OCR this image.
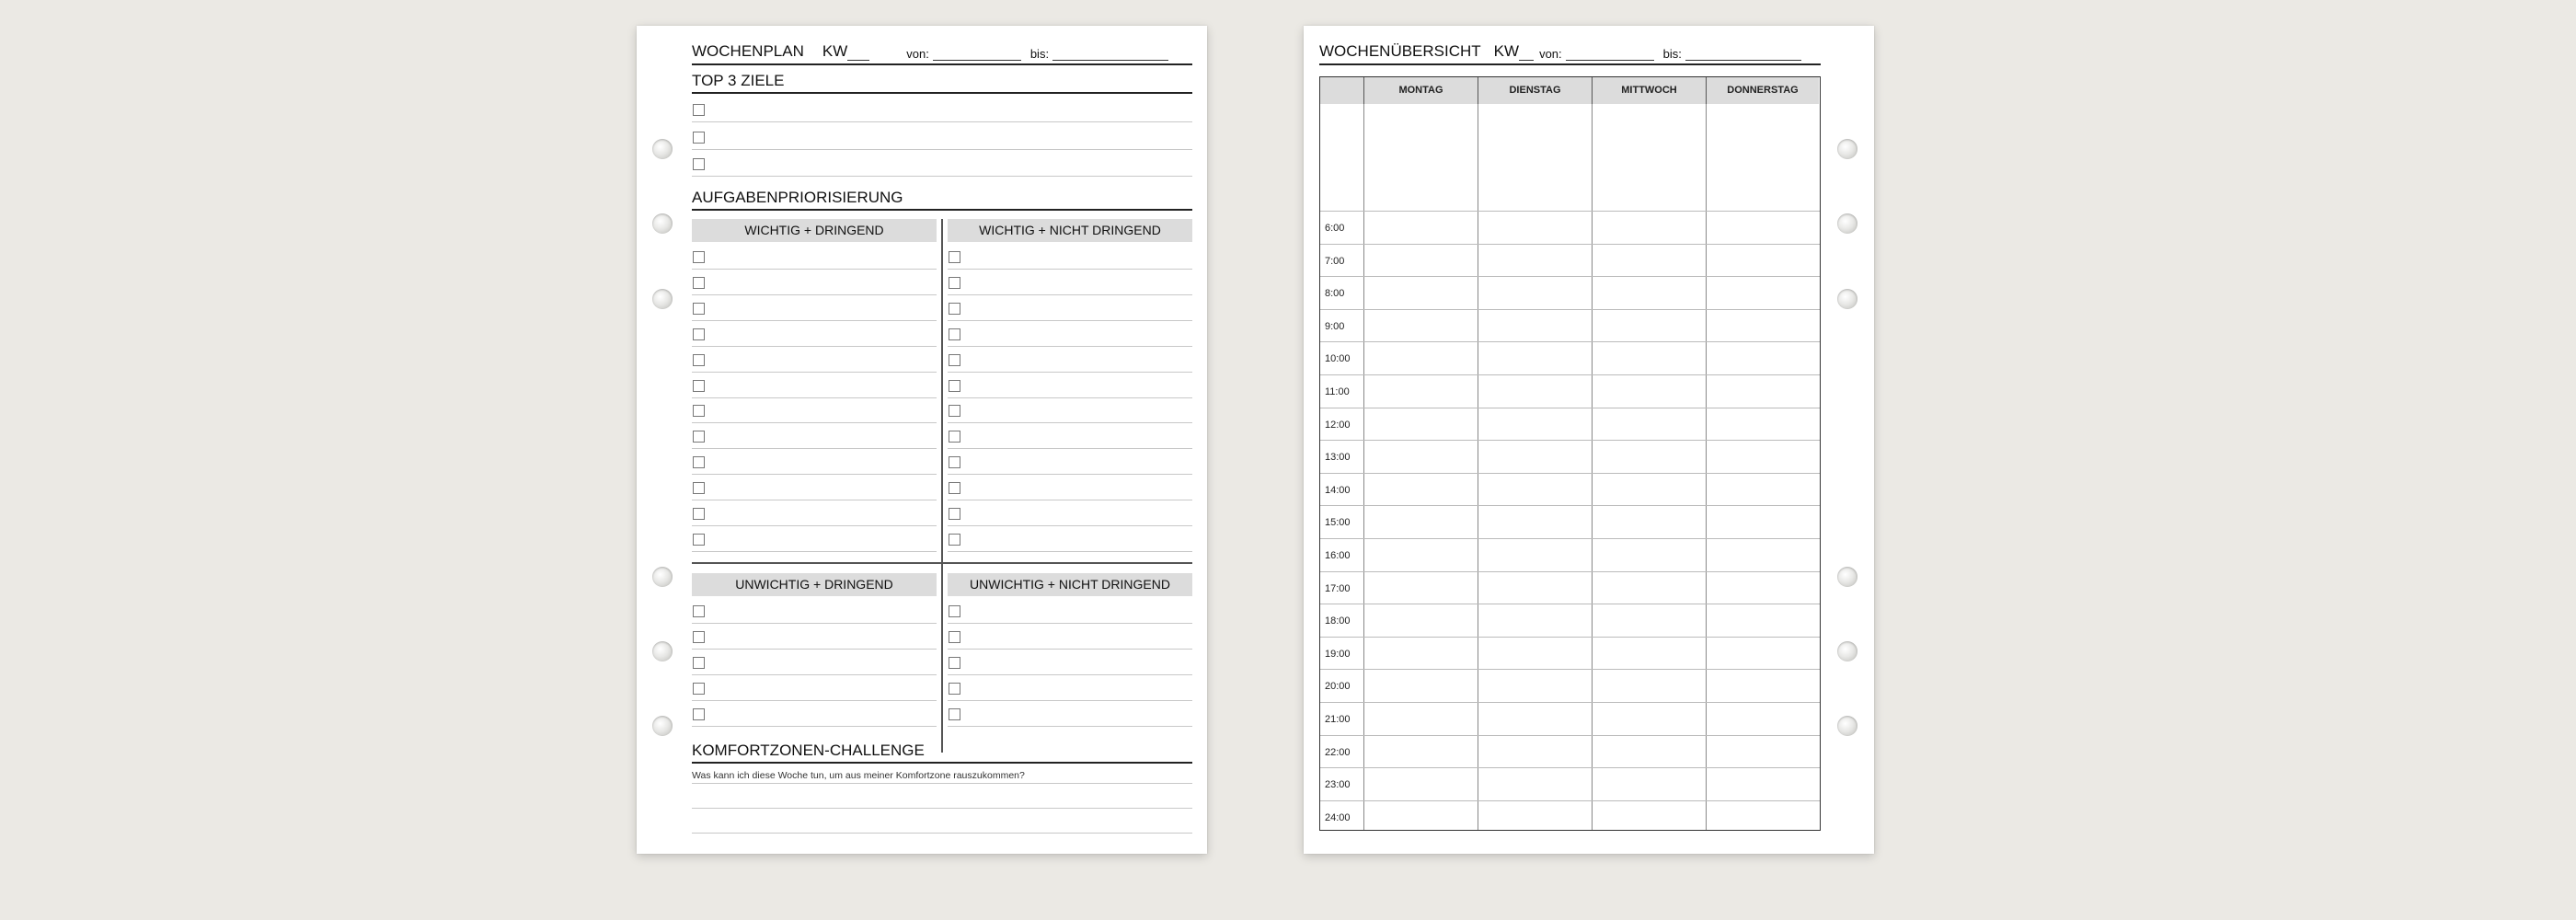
WOCHENPLAN KW	von:	bis:
TOP 3 ZIELE
AUFGABENPRIORISIERUNG
WICHTIG + DRINGEND	WICHTIG + NICHT DRINGEND
UNWICHTIG + DRINGEND	UNWICHTIG + NICHT DRINGEND
KOMFORTZONEN-CHALLENGE
Was kann ich diese Woche tun, um aus meiner Komfortzone rauszukommen?
WOCHENÜBERSICHT KW von:	bis:
MONTAG	DIENSTAG	MITTWOCH	DONNERSTAG
6:00
7:00
8:00
9:00
10:00
11:00
12:00
13:00
14:00
15:00
16:00
17:00
18:00
19:00
20:00
21:00
22:00
23:00
24:00
